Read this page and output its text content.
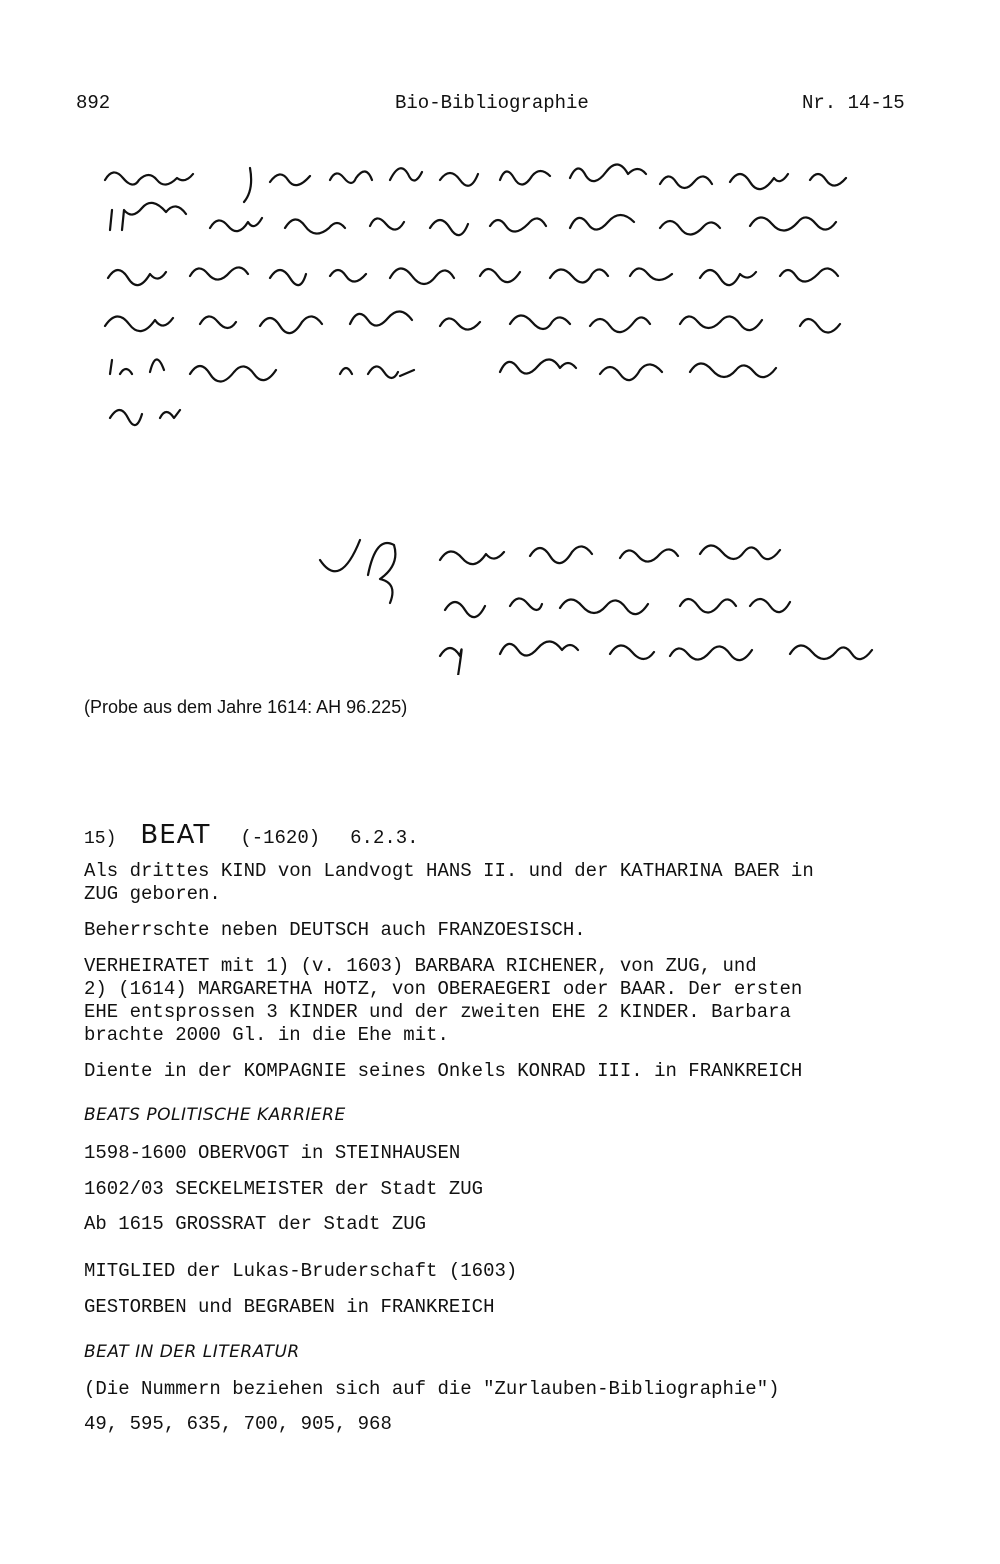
892	Bio-Bibliographie	Nr. 14-15
(Probe aus dem Jahre 1614: AH 96.225)
15) BEAT (-1620) 6.2.3.
Als drittes KIND von Landvogt HANS II. und der KATHARINA BAER in
ZUG geboren.
Beherrschte neben DEUTSCH auch FRANZOESISCH.
VERHEIRATET mit 1) (v. 1603) BARBARA RICHENER, von ZUG, und
2) (1614) MARGARETHA HOTZ, von OBERAEGERI oder BAAR. Der ersten
EHE entsprossen 3 KINDER und der zweiten EHE 2 KINDER. Barbara
brachte 2000 Gl. in die Ehe mit.
Diente in der KOMPAGNIE seines Onkels KONRAD III. in FRANKREICH
BEATS POLITISCHE KARRIERE
1598-1600 OBERVOGT in STEINHAUSEN
1602/03 SECKELMEISTER der Stadt ZUG
Ab 1615 GROSSRAT der Stadt ZUG
MITGLIED der Lukas-Bruderschaft (1603)
GESTORBEN und BEGRABEN in FRANKREICH
BEAT IN DER LITERATUR
(Die Nummern beziehen sich auf die "Zurlauben-Bibliographie")
49, 595, 635, 700, 905, 968
